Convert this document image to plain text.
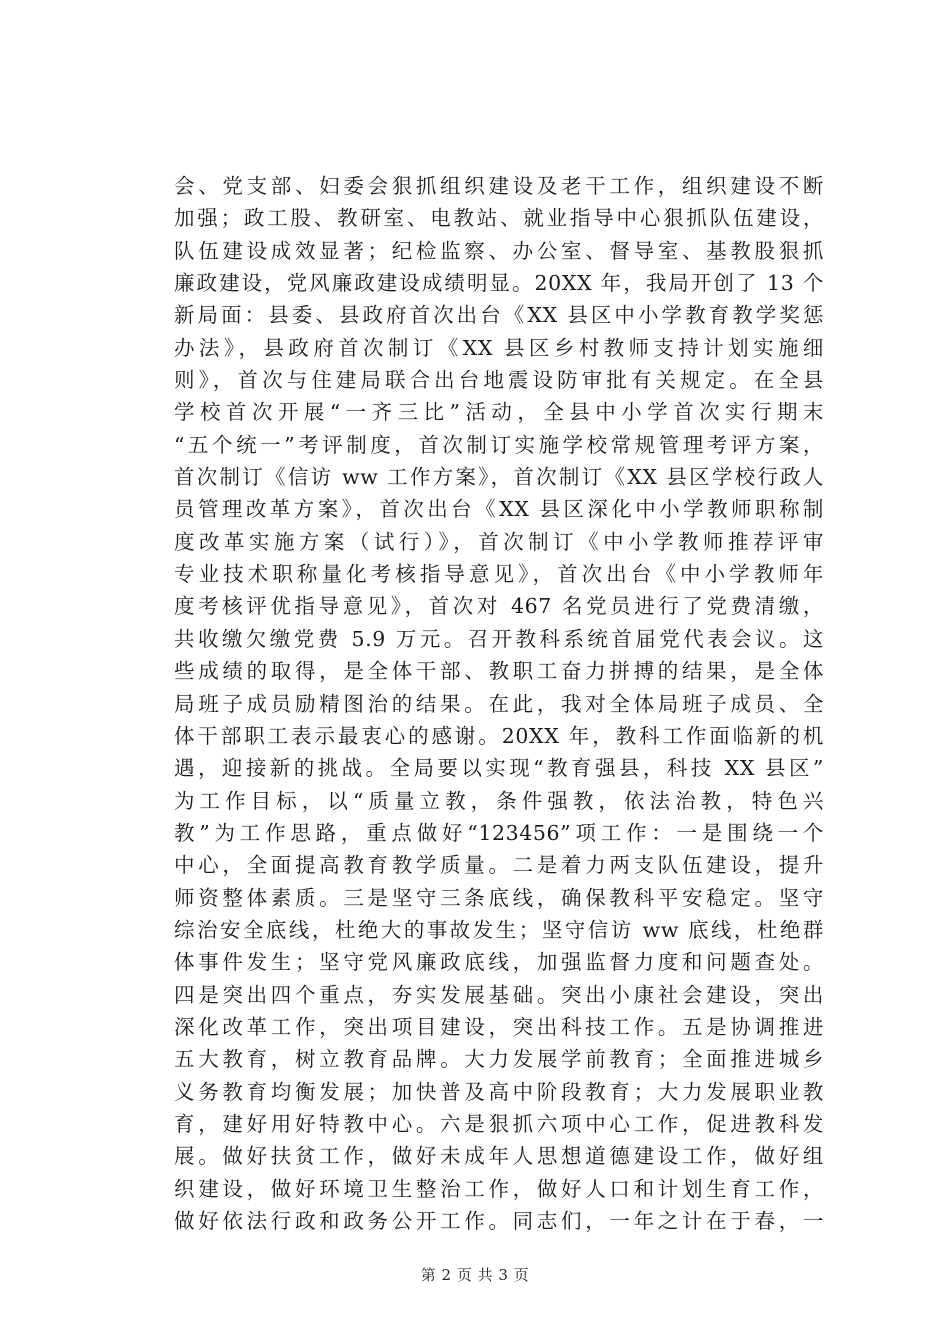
会、党支部、妇委会狠抓组织建设及老干工作，组织建设不断
加强；政工股、教研室、电教站、就业指导中心狠抓队伍建设，
队伍建设成效显著；纪检监察、办公室、督导室、基教股狠抓
廉政建设，党风廉政建设成绩明显。20XX 年，我局开创了 13 个
新局面：县委、县政府首次出台《XX 县区中小学教育教学奖惩
办法》，县政府首次制订《XX 县区乡村教师支持计划实施细
则》，首次与住建局联合出台地震设防审批有关规定。在全县
学校首次开展“一齐三比”活动，全县中小学首次实行期末
“五个统一”考评制度，首次制订实施学校常规管理考评方案，
首次制订《信访 ww 工作方案》，首次制订《XX 县区学校行政人
员管理改革方案》，首次出台《XX 县区深化中小学教师职称制
度改革实施方案（试行）》，首次制订《中小学教师推荐评审
专业技术职称量化考核指导意见》，首次出台《中小学教师年
度考核评优指导意见》，首次对 467 名党员进行了党费清缴，
共收缴欠缴党费 5.9 万元。召开教科系统首届党代表会议。这
些成绩的取得，是全体干部、教职工奋力拼搏的结果，是全体
局班子成员励精图治的结果。在此，我对全体局班子成员、全
体干部职工表示最衷心的感谢。20XX 年，教科工作面临新的机
遇，迎接新的挑战。全局要以实现“教育强县，科技 XX 县区”
为工作目标，以“质量立教，条件强教，依法治教，特色兴
教”为工作思路，重点做好“123456”项工作：一是围绕一个
中心，全面提高教育教学质量。二是着力两支队伍建设，提升
师资整体素质。三是坚守三条底线，确保教科平安稳定。坚守
综治安全底线，杜绝大的事故发生；坚守信访 ww 底线，杜绝群
体事件发生；坚守党风廉政底线，加强监督力度和问题查处。
四是突出四个重点，夯实发展基础。突出小康社会建设，突出
深化改革工作，突出项目建设，突出科技工作。五是协调推进
五大教育，树立教育品牌。大力发展学前教育；全面推进城乡
义务教育均衡发展；加快普及高中阶段教育；大力发展职业教
育，建好用好特教中心。六是狠抓六项中心工作，促进教科发
展。做好扶贫工作，做好未成年人思想道德建设工作，做好组
织建设，做好环境卫生整治工作，做好人口和计划生育工作，
做好依法行政和政务公开工作。同志们，一年之计在于春，一
第 2 页 共 3 页
